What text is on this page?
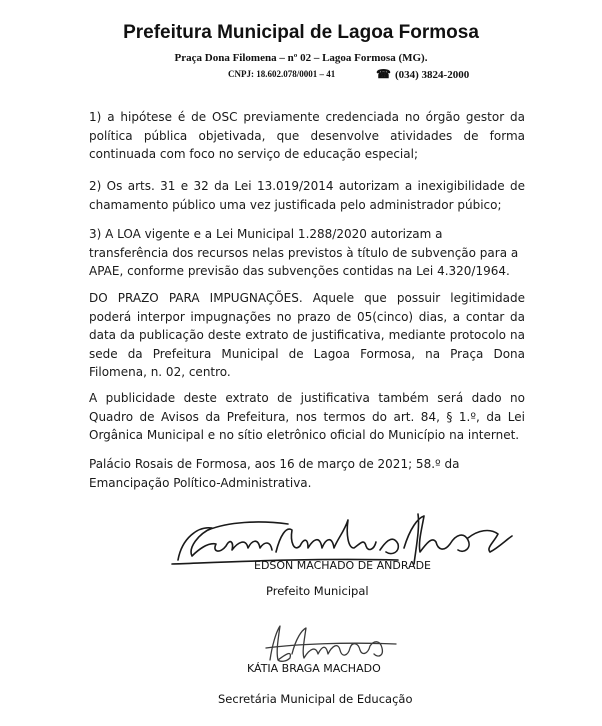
Prefeitura Municipal de Lagoa Formosa
Praça Dona Filomena – nº 02 – Lagoa Formosa (MG).
CNPJ: 18.602.078/0001 – 41	☎ (034) 3824-2000

1) a hipótese é de OSC previamente credenciada no órgão gestor da política pública objetivada, que desenvolve atividades de forma continuada com foco no serviço de educação especial;

2) Os arts. 31 e 32 da Lei 13.019/2014 autorizam a inexigibilidade de chamamento público uma vez justificada pelo administrador púbico;

3) A LOA vigente e a Lei Municipal 1.288/2020 autorizam a transferência dos recursos nelas previstos à título de subvenção para a APAE, conforme previsão das subvenções contidas na Lei 4.320/1964.

DO PRAZO PARA IMPUGNAÇÕES. Aquele que possuir legitimidade poderá interpor impugnações no prazo de 05(cinco) dias, a contar da data da publicação deste extrato de justificativa, mediante protocolo na sede da Prefeitura Municipal de Lagoa Formosa, na Praça Dona Filomena, n. 02, centro.

A publicidade deste extrato de justificativa também será dado no Quadro de Avisos da Prefeitura, nos termos do art. 84, § 1.º, da Lei Orgânica Municipal e no sítio eletrônico oficial do Município na internet.

Palácio Rosais de Formosa, aos 16 de março de 2021; 58.º da Emancipação Político-Administrativa.

EDSON MACHADO DE ANDRADE
Prefeito Municipal
KÁTIA BRAGA MACHADO
Secretária Municipal de Educação
